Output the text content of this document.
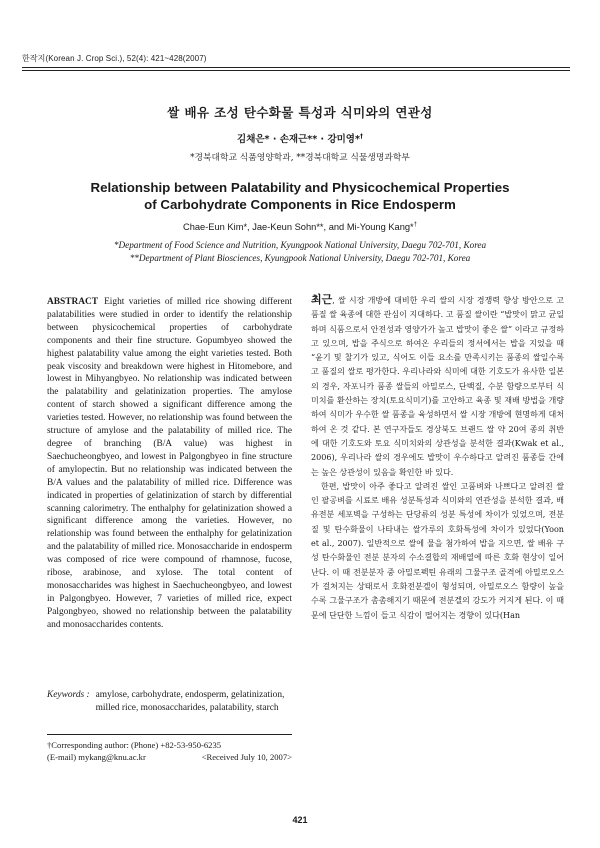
한작지(Korean J. Crop Sci.), 52(4): 421~428(2007)
쌀 배유 조성 탄수화물 특성과 식미와의 연관성
김채은* · 손재근** · 강미영*†
*경북대학교 식품영양학과, **경북대학교 식물생명과학부
Relationship between Palatability and Physicochemical Properties of Carbohydrate Components in Rice Endosperm
Chae-Eun Kim*, Jae-Keun Sohn**, and Mi-Young Kang*†
*Department of Food Science and Nutrition, Kyungpook National University, Daegu 702-701, Korea
**Department of Plant Biosciences, Kyungpook National University, Daegu 702-701, Korea
ABSTRACT Eight varieties of milled rice showing different palatabilities were studied in order to identify the relationship between physicochemical properties of carbohydrate components and their fine structure. Gopumbyeo showed the highest palatability value among the eight varieties tested. Both peak viscosity and breakdown were highest in Hitomebore, and lowest in Mihyangbyeo. No relationship was indicated between the palatability and gelatinization properties. The amylose content of starch showed a significant difference among the varieties tested. However, no relationship was found between the structure of amylose and the palatability of milled rice. The degree of branching (B/A value) was highest in Saechucheongbyeo, and lowest in Palgongbyeo in fine structure of amylopectin. But no relationship was indicated between the B/A values and the palatability of milled rice. Difference was indicated in properties of gelatinization of starch by differential scanning calorimetry. The enthalphy for gelatinization showed a significant difference among the varieties. However, no relationship was found between the enthalphy for gelatinization and the palatability of milled rice. Monosaccharide in endosperm was composed of rice were compound of rhamnose, fucose, ribose, arabinose, and xylose. The total content of monosaccharides was highest in Saechucheongbyeo, and lowest in Palgongbyeo. However, 7 varieties of milled rice, expect Palgongbyeo, showed no relationship between the palatability and monosaccharides contents.
Keywords : amylose, carbohydrate, endosperm, gelatinization, milled rice, monosaccharides, palatability, starch
†Corresponding author: (Phone) +82-53-950-6235
(E-mail) mykang@knu.ac.kr	<Received July 10, 2007>

최근, 쌀 시장 개방에 대비한 우리 쌀의 시장 경쟁력 향상 방안으로 고 품질 쌀 육종에 대한 관심이 지대하다. 고 품질 쌀이란 “밥맛이 맑고 균일하며 식품으로서 안전성과 영양가가 높고 밥맛이 좋은 쌀” 이라고 규정하고 있으며, 밥을 주식으로 하여온 우리들의 정서에서는 밥을 지었을 때 “윤기 및 찰기가 있고, 식어도 이들 요소를 만족시키는 품종의 쌀일수록 고 품질의 쌀로 평가한다. 우리나라와 식미에 대한 기호도가 유사한 일본의 경우, 자포니카 품종 쌀들의 아밀로스, 단백질, 수분 함량으로부터 식미치를 환산하는 장치(토요식미기)를 고안하고 육종 및 재배 방법을 개량하여 식미가 우수한 쌀 품종을 육성하면서 쌀 시장 개방에 현명하게 대처하여 온 것 같다. 본 연구자들도 경상북도 브랜드 쌀 약 20여 종의 취반에 대한 기호도와 토요 식미치와의 상관성을 분석한 결과(Kwak et al., 2006), 우리나라 쌀의 경우에도 밥맛이 우수하다고 알려진 품종들 간에는 높은 상관성이 있음을 확인한 바 있다.

한편, 밥맛이 아주 좋다고 알려진 쌀인 고품벼와 나쁘다고 알려진 쌀인 팔공벼를 시료로 배유 성분특성과 식미와의 연관성을 분석한 결과, 배유전분 세포벽을 구성하는 단당류의 성분 특성에 차이가 있었으며, 전분질 및 탄수화물이 나타내는 쌀가루의 호화특성에 차이가 있었다(Yoon et al., 2007). 일반적으로 쌀에 물을 첨가하여 밥을 지으면, 쌀 배유 구성 탄수화물인 전분 분자의 수소결합의 재배열에 따른 호화 현상이 일어난다. 이 때 전분분자 중 아밀로펙틴 유래의 그물구조 골격에 아밀로오스가 걸쳐지는 상태로서 호화전분겔이 형성되며, 아밀로오스 함량이 높을수록 그물구조가 촘촘해지기 때문에 전분겔의 강도가 커지게 된다. 이 때문에 단단한 느낌이 들고 식감이 떨어지는 경향이 있다(Han

421
